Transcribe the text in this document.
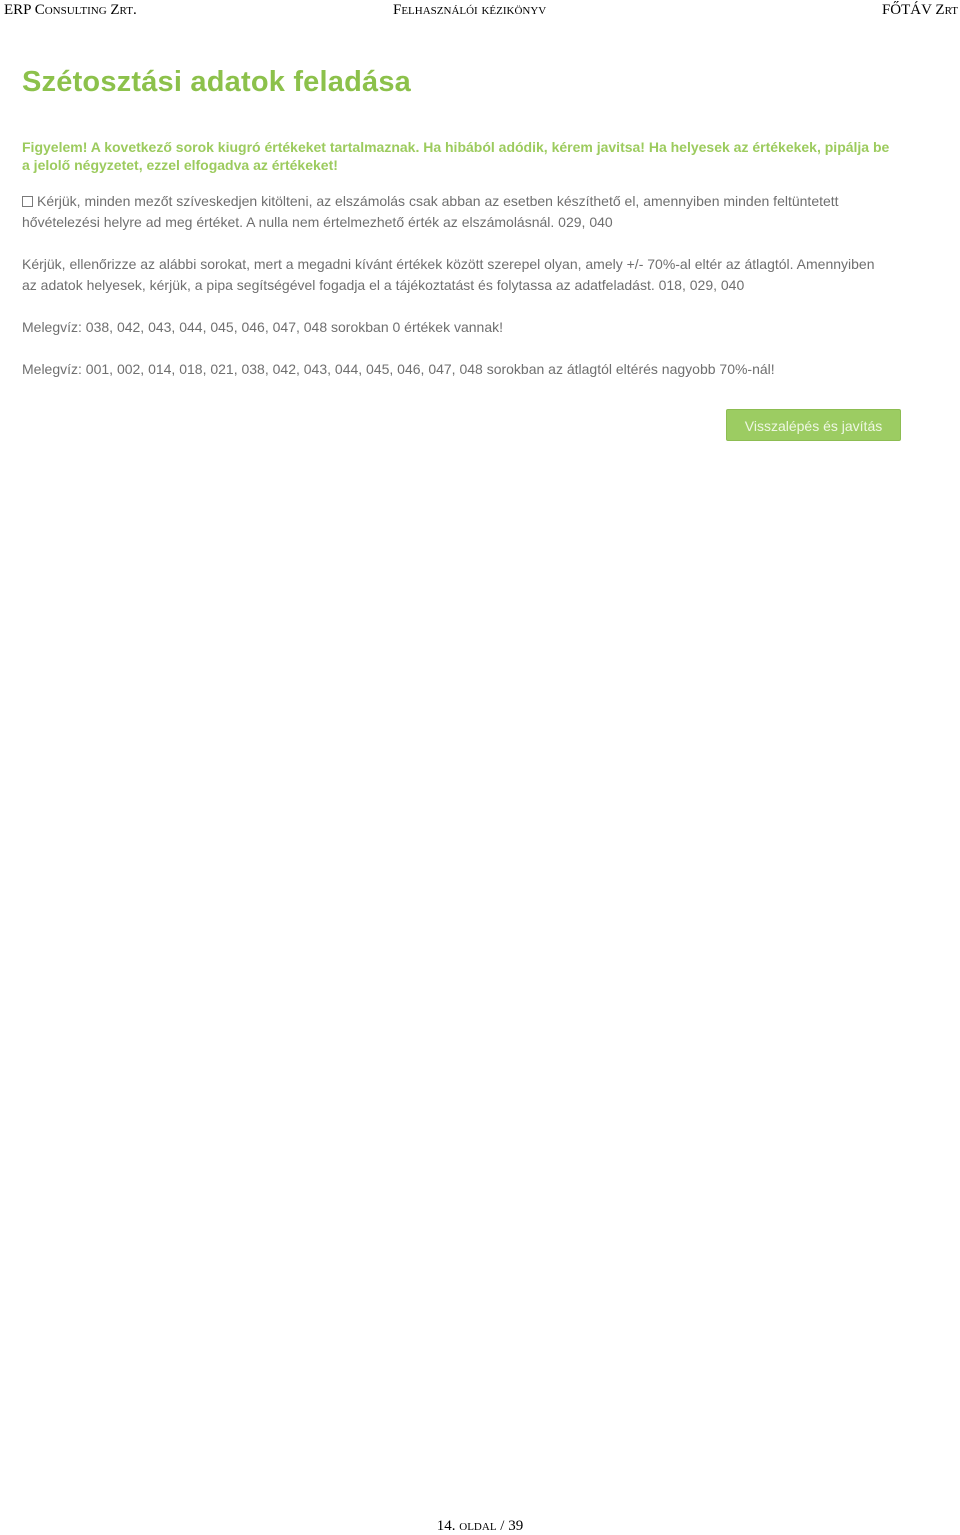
ERP Consulting Zrt.	Felhasználói kézikönyv	FŐTÁV Zrt
Szétosztási adatok feladása
Figyelem! A kovetkező sorok kiugró értékeket tartalmaznak. Ha hibából adódik, kérem javitsa! Ha helyesek az értékekek, pipálja be a jelolő négyzetet, ezzel elfogadva az értékeket!
Kérjük, minden mezőt szíveskedjen kitölteni, az elszámolás csak abban az esetben készíthető el, amennyiben minden feltüntetett hővételezési helyre ad meg értéket. A nulla nem értelmezhető érték az elszámolásnál. 029, 040
Kérjük, ellenőrizze az alábbi sorokat, mert a megadni kívánt értékek között szerepel olyan, amely +/- 70%-al eltér az átlagtól. Amennyiben az adatok helyesek, kérjük, a pipa segítségével fogadja el a tájékoztatást és folytassa az adatfeladást. 018, 029, 040
Melegvíz: 038, 042, 043, 044, 045, 046, 047, 048 sorokban 0 értékek vannak!
Melegvíz: 001, 002, 014, 018, 021, 038, 042, 043, 044, 045, 046, 047, 048 sorokban az átlagtól eltérés nagyobb 70%-nál!
Visszalépés és javítás
14. oldal / 39
